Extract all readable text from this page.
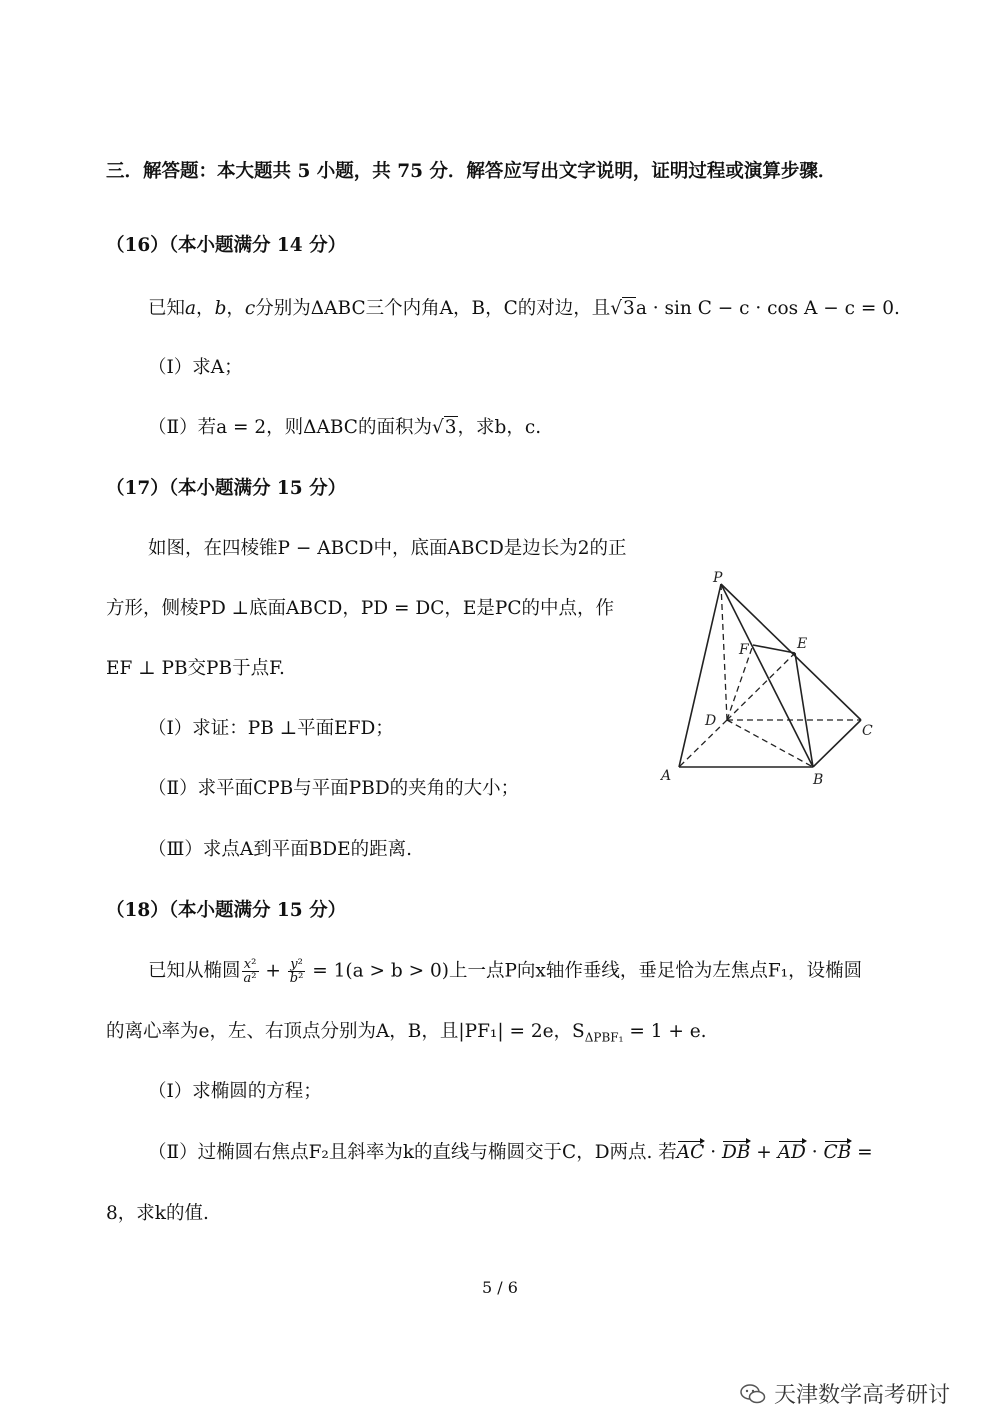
三．解答题：本大题共 5 小题，共 75 分．解答应写出文字说明，证明过程或演算步骤．
（16）（本小题满分 14 分）
已知a，b，c分别为ΔABC三个内角A，B，C的对边，且√3a · sin C − c · cos A − c = 0.
（Ⅰ）求A；
（Ⅱ）若a = 2，则ΔABC的面积为√3，求b，c.
（17）（本小题满分 15 分）
如图，在四棱锥P − ABCD中，底面ABCD是边长为2的正
方形，侧棱PD ⊥底面ABCD，PD = DC，E是PC的中点，作
EF ⊥ PB交PB于点F.
（Ⅰ）求证：PB ⊥平面EFD；
（Ⅱ）求平面CPB与平面PBD的夹角的大小；
（Ⅲ）求点A到平面BDE的距离.
P
E
F
D
C
A	B
（18）（本小题满分 15 分）
已知从椭圆 $\frac{\text{x²}}{\text{a²}} + \frac{\text{y²}}{\text{b²}} = 1(a > b > 0)$上一点P向x轴作垂线，垂足恰为左焦点F₁，设椭圆
的离心率为e，左、右顶点分别为A，B，且|PF₁| = 2e，$S_{\Delta PBF_1} = 1 + e$.
（Ⅰ）求椭圆的方程；
（Ⅱ）过椭圆右焦点F₂且斜率为k的直线与椭圆交于C，D两点. 若AC · DB + AD · CB =
8，求k的值.
5 / 6
天津数学高考研讨
